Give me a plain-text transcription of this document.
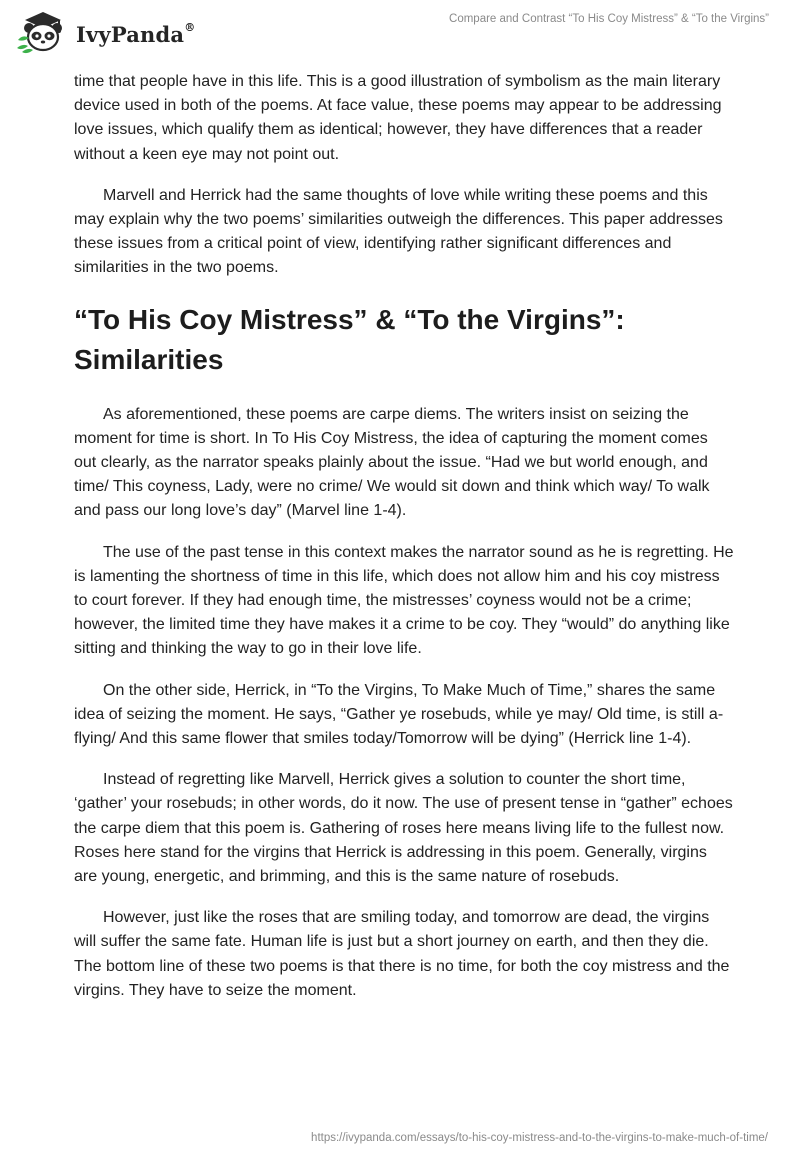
IvyPanda®
Compare and Contrast “To His Coy Mistress” & “To the Virgins”

time that people have in this life. This is a good illustration of symbolism as the main literary device used in both of the poems. At face value, these poems may appear to be addressing love issues, which qualify them as identical; however, they have differences that a reader without a keen eye may not point out.

Marvell and Herrick had the same thoughts of love while writing these poems and this may explain why the two poems’ similarities outweigh the differences. This paper addresses these issues from a critical point of view, identifying rather significant differences and similarities in the two poems.

“To His Coy Mistress” & “To the Virgins”: Similarities

As aforementioned, these poems are carpe diems. The writers insist on seizing the moment for time is short. In To His Coy Mistress, the idea of capturing the moment comes out clearly, as the narrator speaks plainly about the issue. “Had we but world enough, and time/ This coyness, Lady, were no crime/ We would sit down and think which way/ To walk and pass our long love’s day” (Marvel line 1-4).

The use of the past tense in this context makes the narrator sound as he is regretting. He is lamenting the shortness of time in this life, which does not allow him and his coy mistress to court forever. If they had enough time, the mistresses’ coyness would not be a crime; however, the limited time they have makes it a crime to be coy. They “would” do anything like sitting and thinking the way to go in their love life.

On the other side, Herrick, in “To the Virgins, To Make Much of Time,” shares the same idea of seizing the moment. He says, “Gather ye rosebuds, while ye may/ Old time, is still a-flying/ And this same flower that smiles today/Tomorrow will be dying” (Herrick line 1-4).

Instead of regretting like Marvell, Herrick gives a solution to counter the short time, ‘gather’ your rosebuds; in other words, do it now. The use of present tense in “gather” echoes the carpe diem that this poem is. Gathering of roses here means living life to the fullest now. Roses here stand for the virgins that Herrick is addressing in this poem. Generally, virgins are young, energetic, and brimming, and this is the same nature of rosebuds.

However, just like the roses that are smiling today, and tomorrow are dead, the virgins will suffer the same fate. Human life is just but a short journey on earth, and then they die. The bottom line of these two poems is that there is no time, for both the coy mistress and the virgins. They have to seize the moment.

https://ivypanda.com/essays/to-his-coy-mistress-and-to-the-virgins-to-make-much-of-time/
